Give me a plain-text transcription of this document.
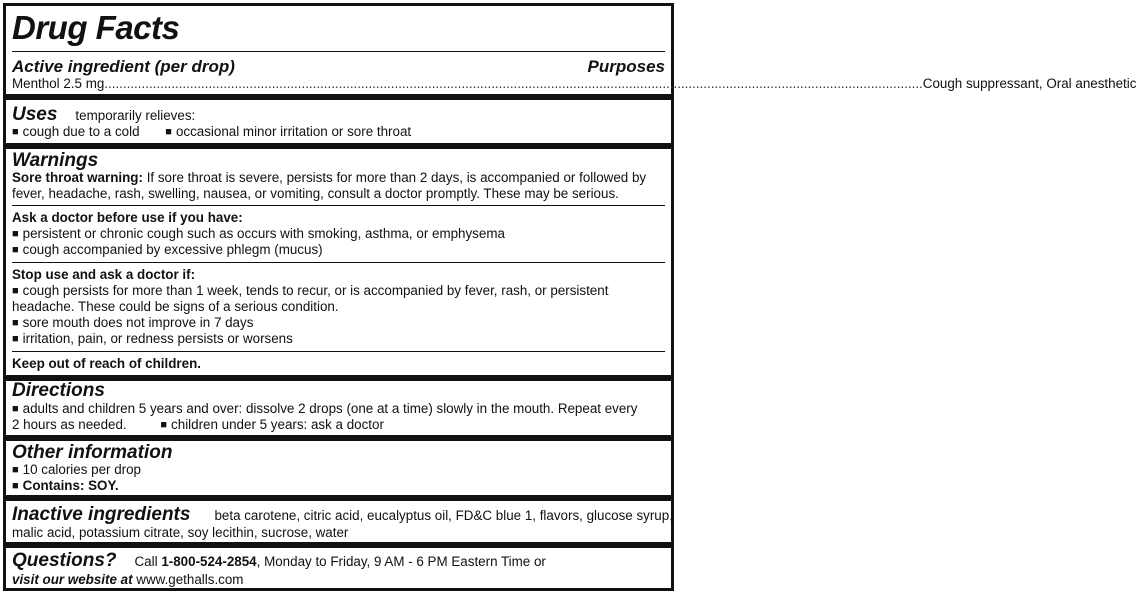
Drug Facts
Active ingredient (per drop)	Purposes
Menthol 2.5 mg ............................................................................................................................................................................................................................ Cough suppressant, Oral anesthetic
Uses temporarily relieves:
■ cough due to a cold	■ occasional minor irritation or sore throat
Warnings
Sore throat warning: If sore throat is severe, persists for more than 2 days, is accompanied or followed by
fever, headache, rash, swelling, nausea, or vomiting, consult a doctor promptly. These may be serious.
Ask a doctor before use if you have:
■ persistent or chronic cough such as occurs with smoking, asthma, or emphysema
■ cough accompanied by excessive phlegm (mucus)
Stop use and ask a doctor if:
■ cough persists for more than 1 week, tends to recur, or is accompanied by fever, rash, or persistent
headache. These could be signs of a serious condition.
■ sore mouth does not improve in 7 days
■ irritation, pain, or redness persists or worsens
Keep out of reach of children.
Directions
■ adults and children 5 years and over: dissolve 2 drops (one at a time) slowly in the mouth. Repeat every
2 hours as needed.	■ children under 5 years: ask a doctor
Other information
■ 10 calories per drop
■ Contains: SOY.
Inactive ingredients beta carotene, citric acid, eucalyptus oil, FD&C blue 1, flavors, glucose syrup,
malic acid, potassium citrate, soy lecithin, sucrose, water
Questions? Call 1-800-524-2854, Monday to Friday, 9 AM - 6 PM Eastern Time or
visit our website at www.gethalls.com
